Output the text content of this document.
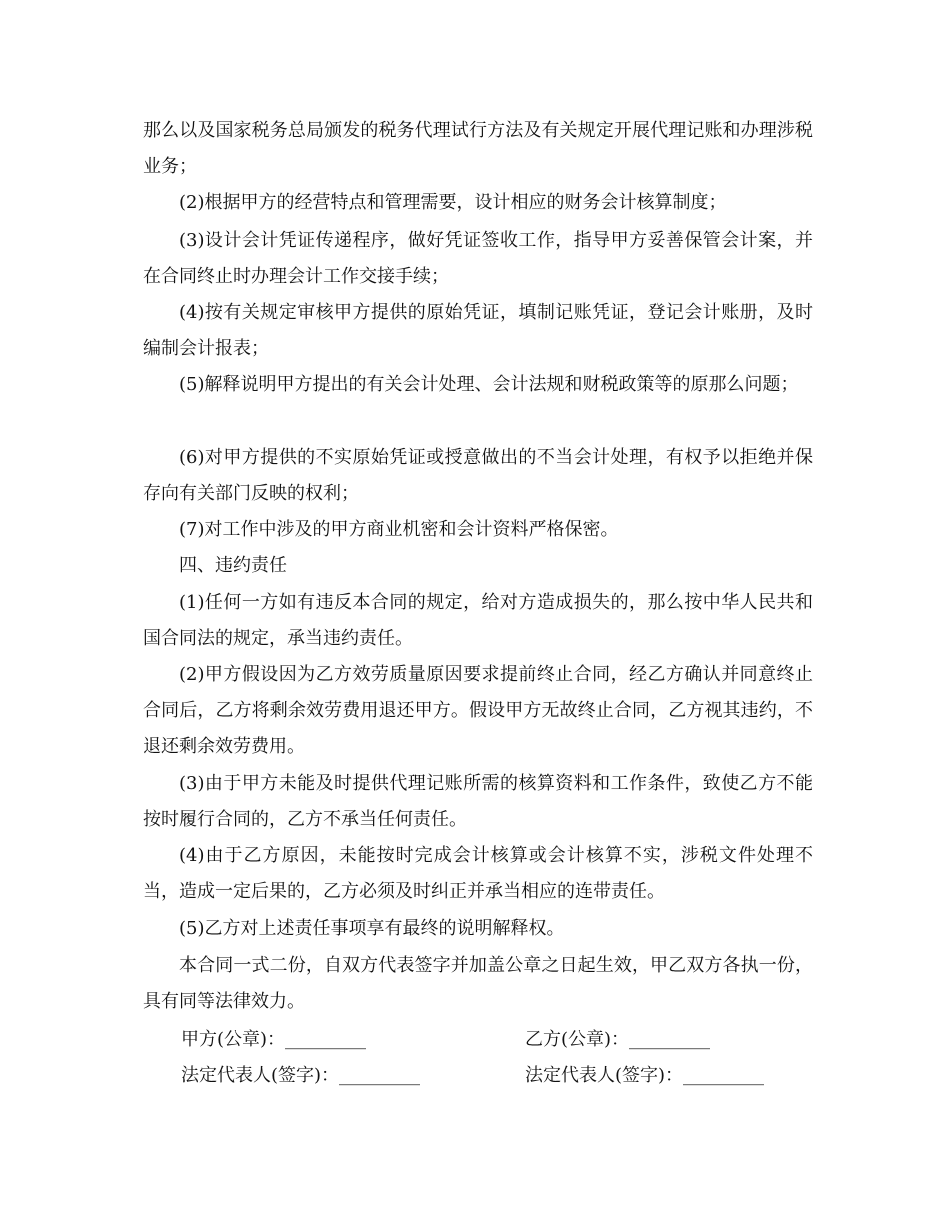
那么以及国家税务总局颁发的税务代理试行方法及有关规定开展代理记账和办理涉税业务；

(2)根据甲方的经营特点和管理需要，设计相应的财务会计核算制度；

(3)设计会计凭证传递程序，做好凭证签收工作，指导甲方妥善保管会计案，并在合同终止时办理会计工作交接手续；

(4)按有关规定审核甲方提供的原始凭证，填制记账凭证，登记会计账册，及时编制会计报表；

(5)解释说明甲方提出的有关会计处理、会计法规和财税政策等的原那么问题；

(6)对甲方提供的不实原始凭证或授意做出的不当会计处理，有权予以拒绝并保存向有关部门反映的权利；

(7)对工作中涉及的甲方商业机密和会计资料严格保密。

四、违约责任

(1)任何一方如有违反本合同的规定，给对方造成损失的，那么按中华人民共和国合同法的规定，承当违约责任。

(2)甲方假设因为乙方效劳质量原因要求提前终止合同，经乙方确认并同意终止合同后，乙方将剩余效劳费用退还甲方。假设甲方无故终止合同，乙方视其违约，不退还剩余效劳费用。

(3)由于甲方未能及时提供代理记账所需的核算资料和工作条件，致使乙方不能按时履行合同的，乙方不承当任何责任。

(4)由于乙方原因，未能按时完成会计核算或会计核算不实，涉税文件处理不当，造成一定后果的，乙方必须及时纠正并承当相应的连带责任。

(5)乙方对上述责任事项享有最终的说明解释权。

本合同一式二份，自双方代表签字并加盖公章之日起生效，甲乙双方各执一份，具有同等法律效力。

甲方(公章)：_________	乙方(公章)：_________
法定代表人(签字)：_________	法定代表人(签字)：_________
